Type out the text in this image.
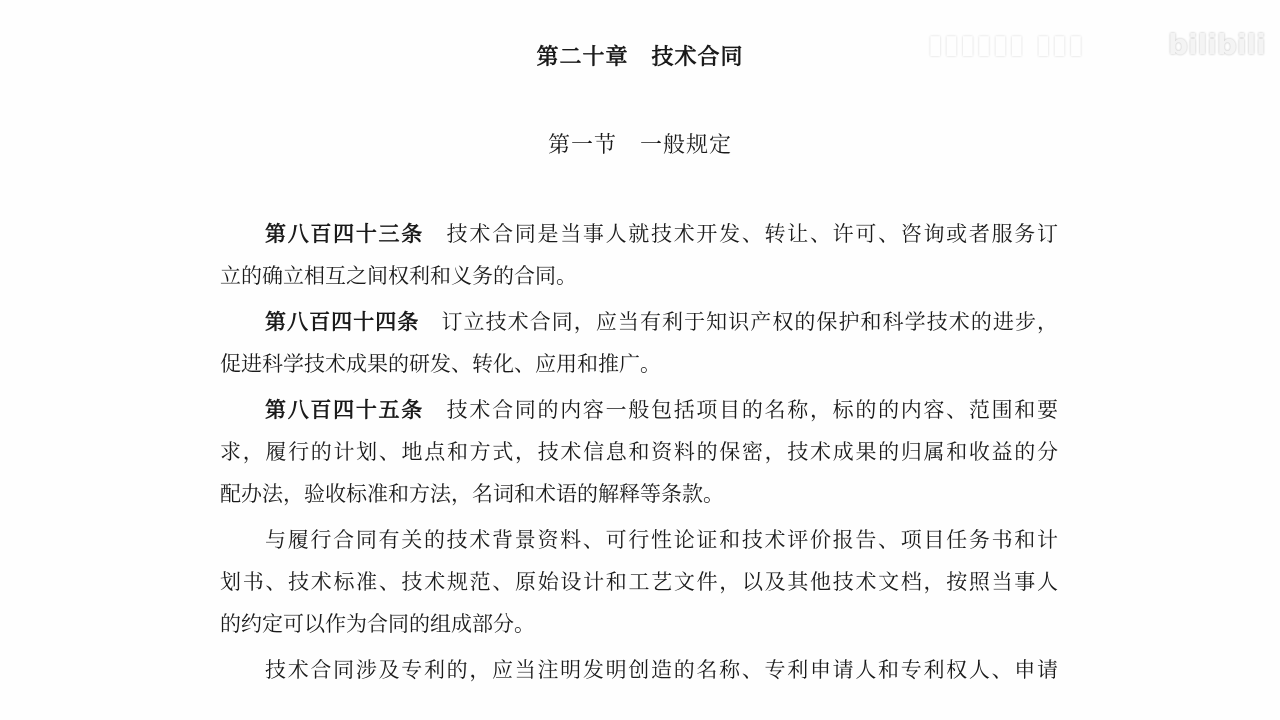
第二十章　技术合同
第一节　一般规定
▮▮▮▮▮▮ ▮▮▮	bilibili
第八百四十三条　技术合同是当事人就技术开发、转让、许可、咨询或者服务订
立的确立相互之间权利和义务的合同。
第八百四十四条　订立技术合同，应当有利于知识产权的保护和科学技术的进步，
促进科学技术成果的研发、转化、应用和推广。
第八百四十五条　技术合同的内容一般包括项目的名称，标的的内容、范围和要
求，履行的计划、地点和方式，技术信息和资料的保密，技术成果的归属和收益的分
配办法，验收标准和方法，名词和术语的解释等条款。
与履行合同有关的技术背景资料、可行性论证和技术评价报告、项目任务书和计
划书、技术标准、技术规范、原始设计和工艺文件，以及其他技术文档，按照当事人
的约定可以作为合同的组成部分。
技术合同涉及专利的，应当注明发明创造的名称、专利申请人和专利权人、申请
